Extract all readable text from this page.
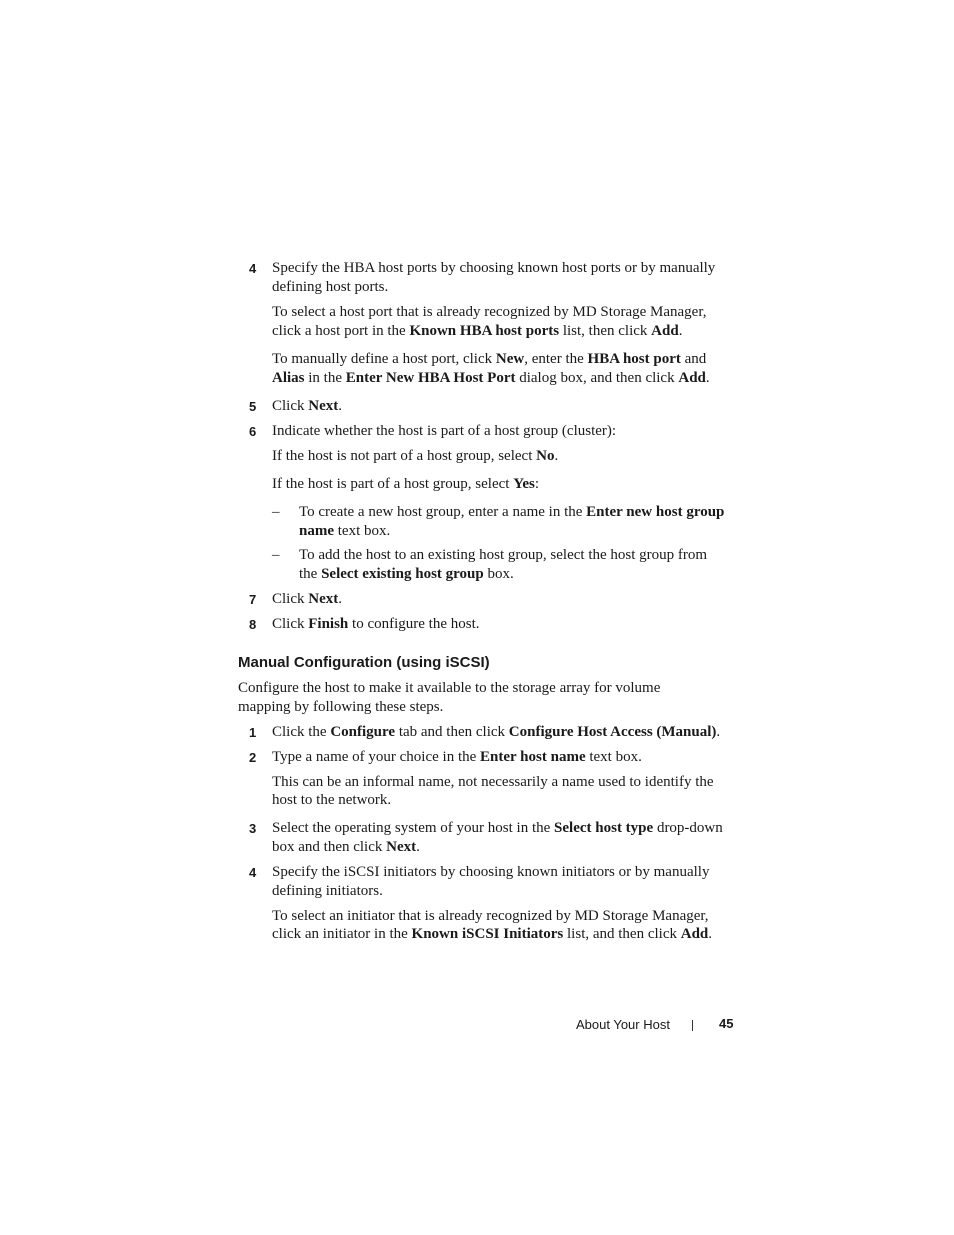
4 Specify the HBA host ports by choosing known host ports or by manually
defining host ports.
To select a host port that is already recognized by MD Storage Manager,
click a host port in the Known HBA host ports list, then click Add.
To manually define a host port, click New, enter the HBA host port and
Alias in the Enter New HBA Host Port dialog box, and then click Add.
5 Click Next.
6 Indicate whether the host is part of a host group (cluster):
If the host is not part of a host group, select No.
If the host is part of a host group, select Yes:
– To create a new host group, enter a name in the Enter new host group
name text box.
– To add the host to an existing host group, select the host group from
the Select existing host group box.
7 Click Next.
8 Click Finish to configure the host.
Manual Configuration (using iSCSI)
Configure the host to make it available to the storage array for volume
mapping by following these steps.
1 Click the Configure tab and then click Configure Host Access (Manual).
2 Type a name of your choice in the Enter host name text box.
This can be an informal name, not necessarily a name used to identify the
host to the network.
3 Select the operating system of your host in the Select host type drop-down
box and then click Next.
4 Specify the iSCSI initiators by choosing known initiators or by manually
defining initiators.
To select an initiator that is already recognized by MD Storage Manager,
click an initiator in the Known iSCSI Initiators list, and then click Add.
About Your Host	45
